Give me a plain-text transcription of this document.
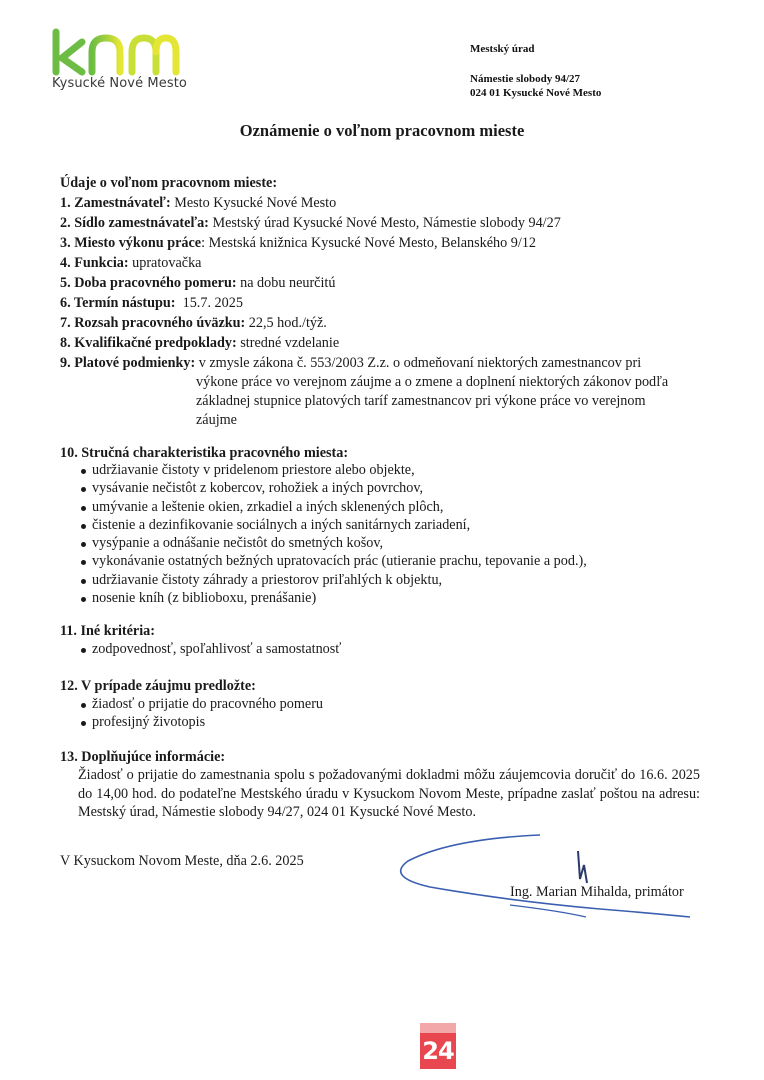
Kysucké Nové Mesto
Mestský úrad
Námestie slobody 94/27
024 01 Kysucké Nové Mesto
Oznámenie o voľnom pracovnom mieste
Údaje o voľnom pracovnom mieste:
1. Zamestnávateľ: Mesto Kysucké Nové Mesto
2. Sídlo zamestnávateľa: Mestský úrad Kysucké Nové Mesto, Námestie slobody 94/27
3. Miesto výkonu práce: Mestská knižnica Kysucké Nové Mesto, Belanského 9/12
4. Funkcia: upratovačka
5. Doba pracovného pomeru: na dobu neurčitú
6. Termín nástupu:  15.7. 2025
7. Rozsah pracovného úväzku: 22,5 hod./týž.
8. Kvalifikačné predpoklady: stredné vzdelanie
9. Platové podmienky: v zmysle zákona č. 553/2003 Z.z. o odmeňovaní niektorých zamestnancov pri
výkone práce vo verejnom záujme a o zmene a doplnení niektorých zákonov podľa
základnej stupnice platových taríf zamestnancov pri výkone práce vo verejnom
záujme
10. Stručná charakteristika pracovného miesta:
udržiavanie čistoty v pridelenom priestore alebo objekte,
vysávanie nečistôt z kobercov, rohožiek a iných povrchov,
umývanie a leštenie okien, zrkadiel a iných sklenených plôch,
čistenie a dezinfikovanie sociálnych a iných sanitárnych zariadení,
vysýpanie a odnášanie nečistôt do smetných košov,
vykonávanie ostatných bežných upratovacích prác (utieranie prachu, tepovanie a pod.),
udržiavanie čistoty záhrady a priestorov priľahlých k objektu,
nosenie kníh (z biblioboxu, prenášanie)
11. Iné kritéria:
zodpovednosť, spoľahlivosť a samostatnosť
12. V prípade záujmu predložte:
žiadosť o prijatie do pracovného pomeru
profesijný životopis
13. Doplňujúce informácie:
Žiadosť o prijatie do zamestnania spolu s požadovanými dokladmi môžu záujemcovia doručiť do 16.6. 2025 do 14,00 hod. do podateľne Mestského úradu v Kysuckom Novom Meste, prípadne zaslať poštou na adresu: Mestský úrad, Námestie slobody 94/27, 024 01 Kysucké Nové Mesto.
V Kysuckom Novom Meste, dňa 2.6. 2025
Ing. Marian Mihalda, primátor
24
